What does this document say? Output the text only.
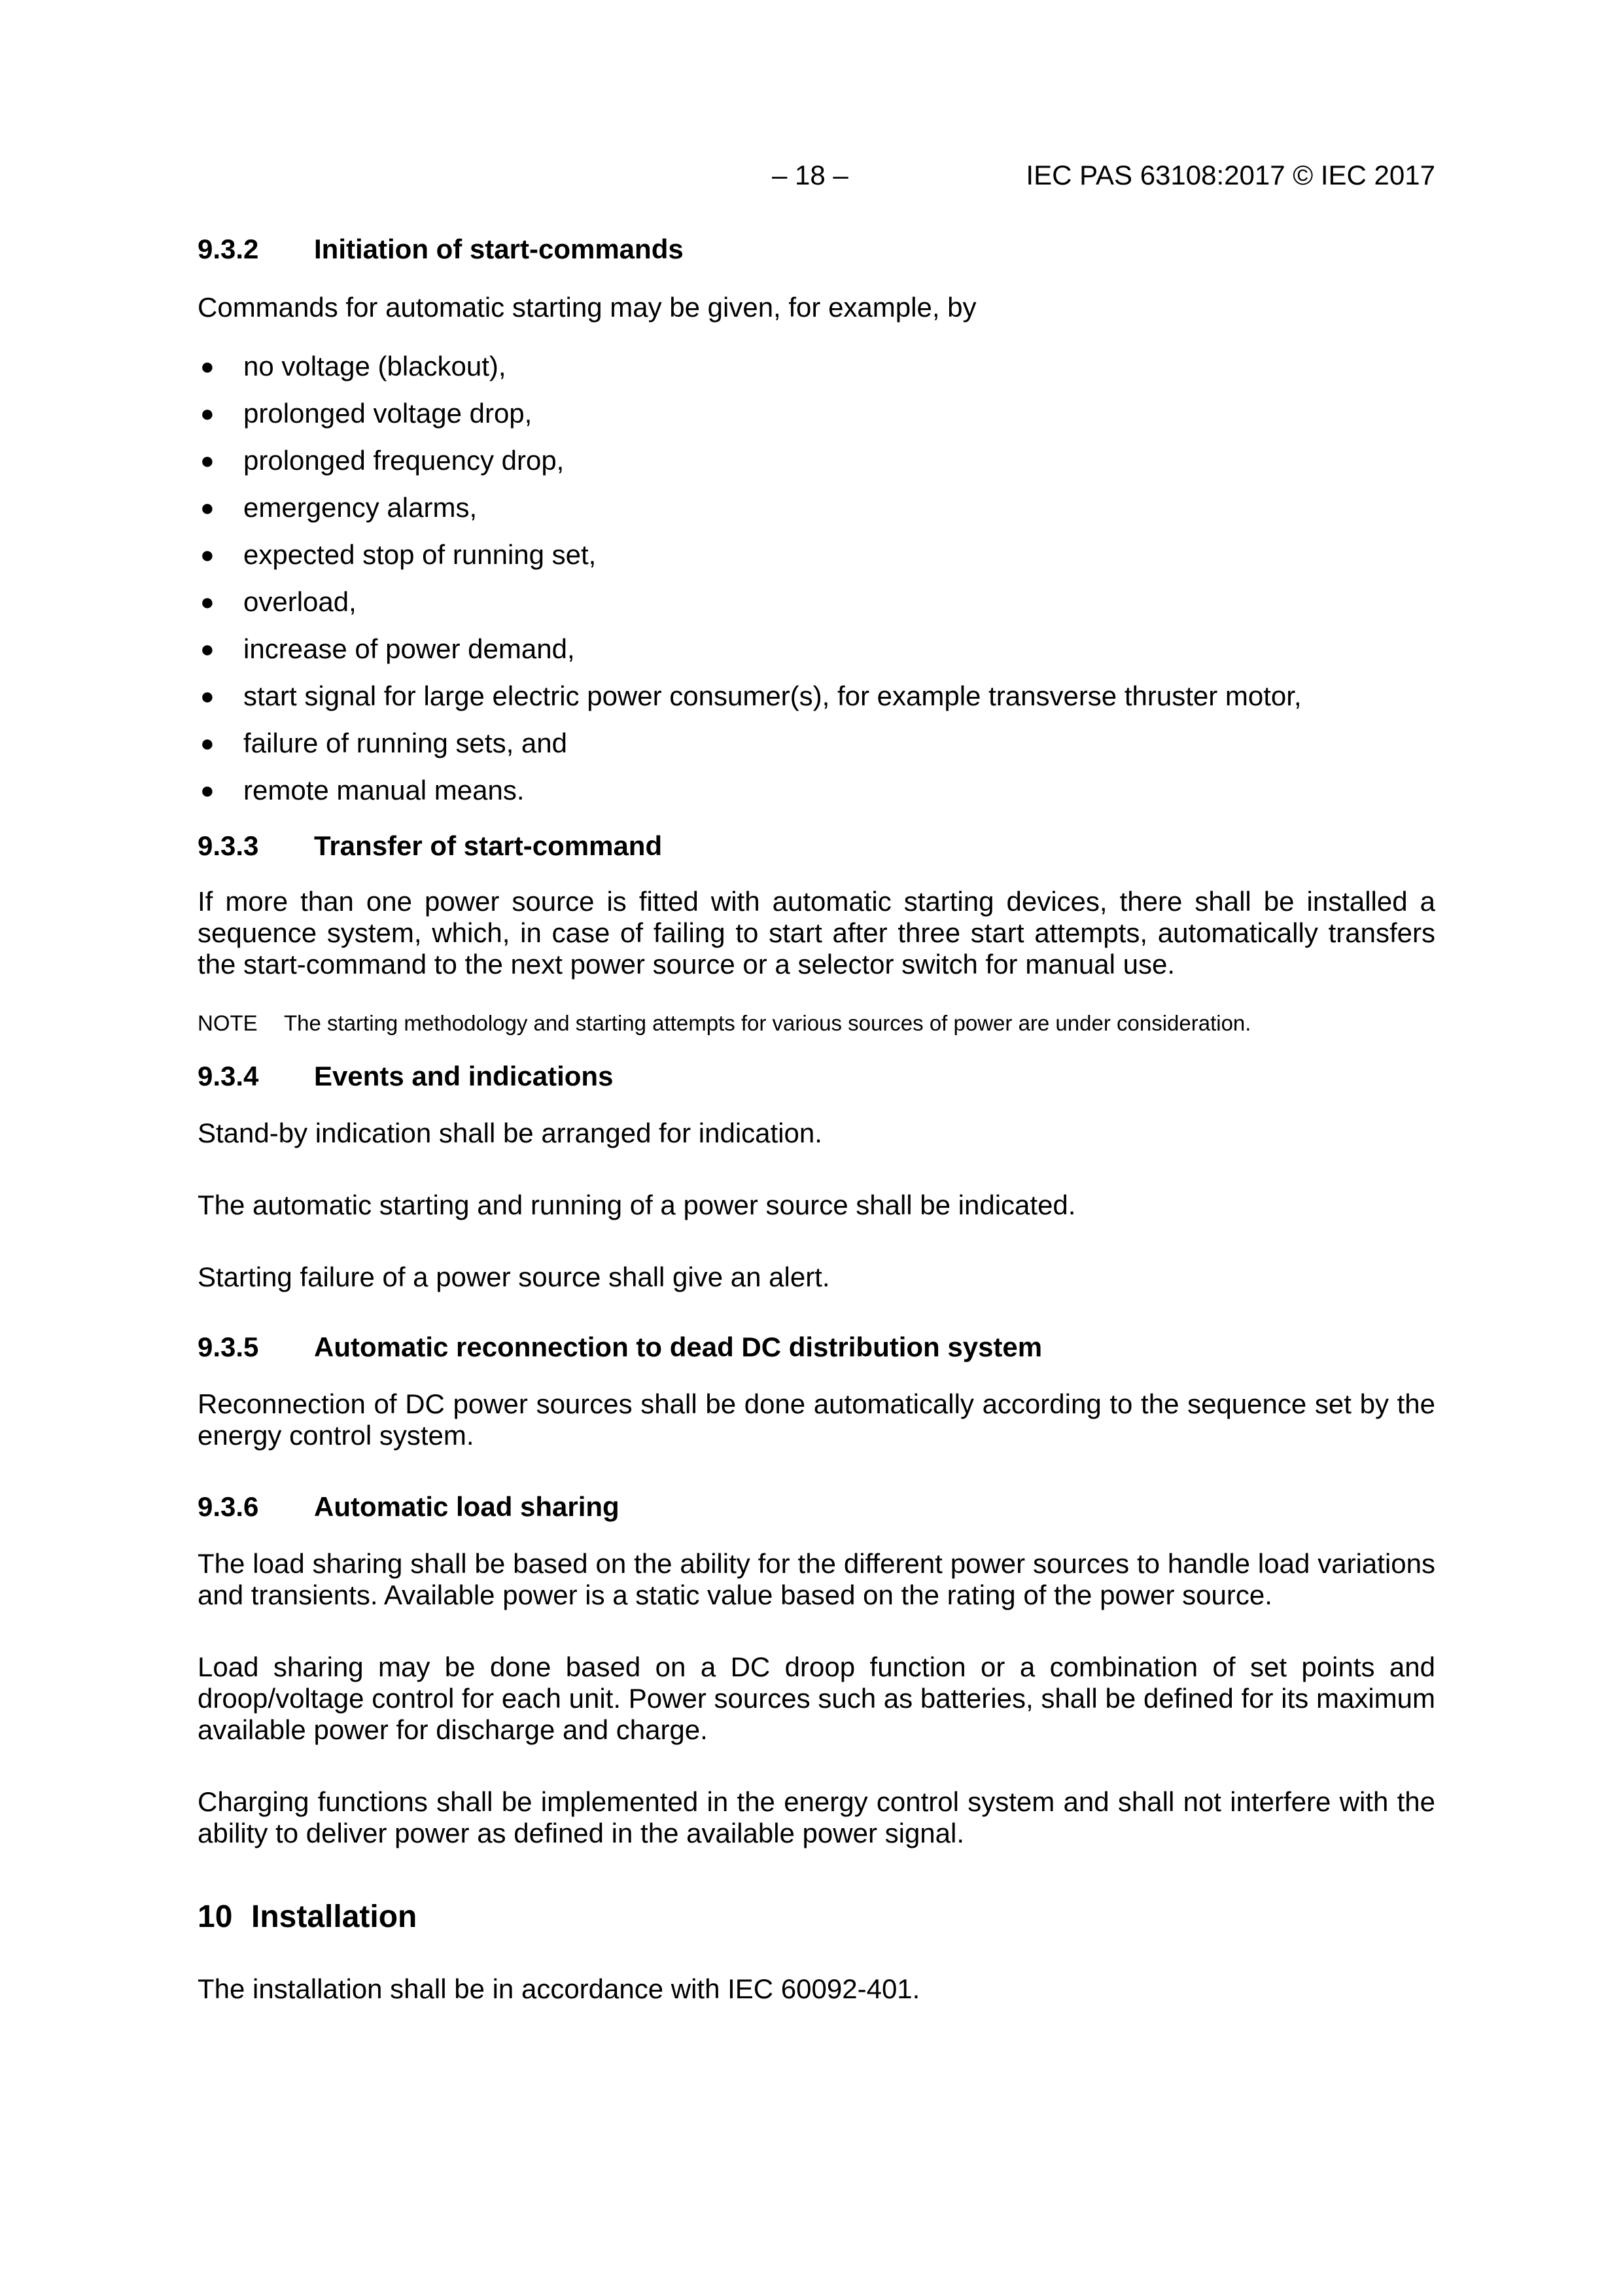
– 18 –	IEC PAS 63108:2017 © IEC 2017
9.3.2 Initiation of start-commands

Commands for automatic starting may be given, for example, by

● no voltage (blackout),
● prolonged voltage drop,
● prolonged frequency drop,
● emergency alarms,
● expected stop of running set,
● overload,
● increase of power demand,
● start signal for large electric power consumer(s), for example transverse thruster motor,
● failure of running sets, and
● remote manual means.
9.3.3 Transfer of start-command

If more than one power source is fitted with automatic starting devices, there shall be installed a sequence system, which, in case of failing to start after three start attempts, automatically transfers the start-command to the next power source or a selector switch for manual use.

NOTE The starting methodology and starting attempts for various sources of power are under consideration.

9.3.4 Events and indications

Stand-by indication shall be arranged for indication.

The automatic starting and running of a power source shall be indicated.

Starting failure of a power source shall give an alert.

9.3.5 Automatic reconnection to dead DC distribution system

Reconnection of DC power sources shall be done automatically according to the sequence set by the energy control system.

9.3.6 Automatic load sharing

The load sharing shall be based on the ability for the different power sources to handle load variations and transients. Available power is a static value based on the rating of the power source.

Load sharing may be done based on a DC droop function or a combination of set points and droop/voltage control for each unit. Power sources such as batteries, shall be defined for its maximum available power for discharge and charge.

Charging functions shall be implemented in the energy control system and shall not interfere with the ability to deliver power as defined in the available power signal.

10 Installation

The installation shall be in accordance with IEC 60092-401.
